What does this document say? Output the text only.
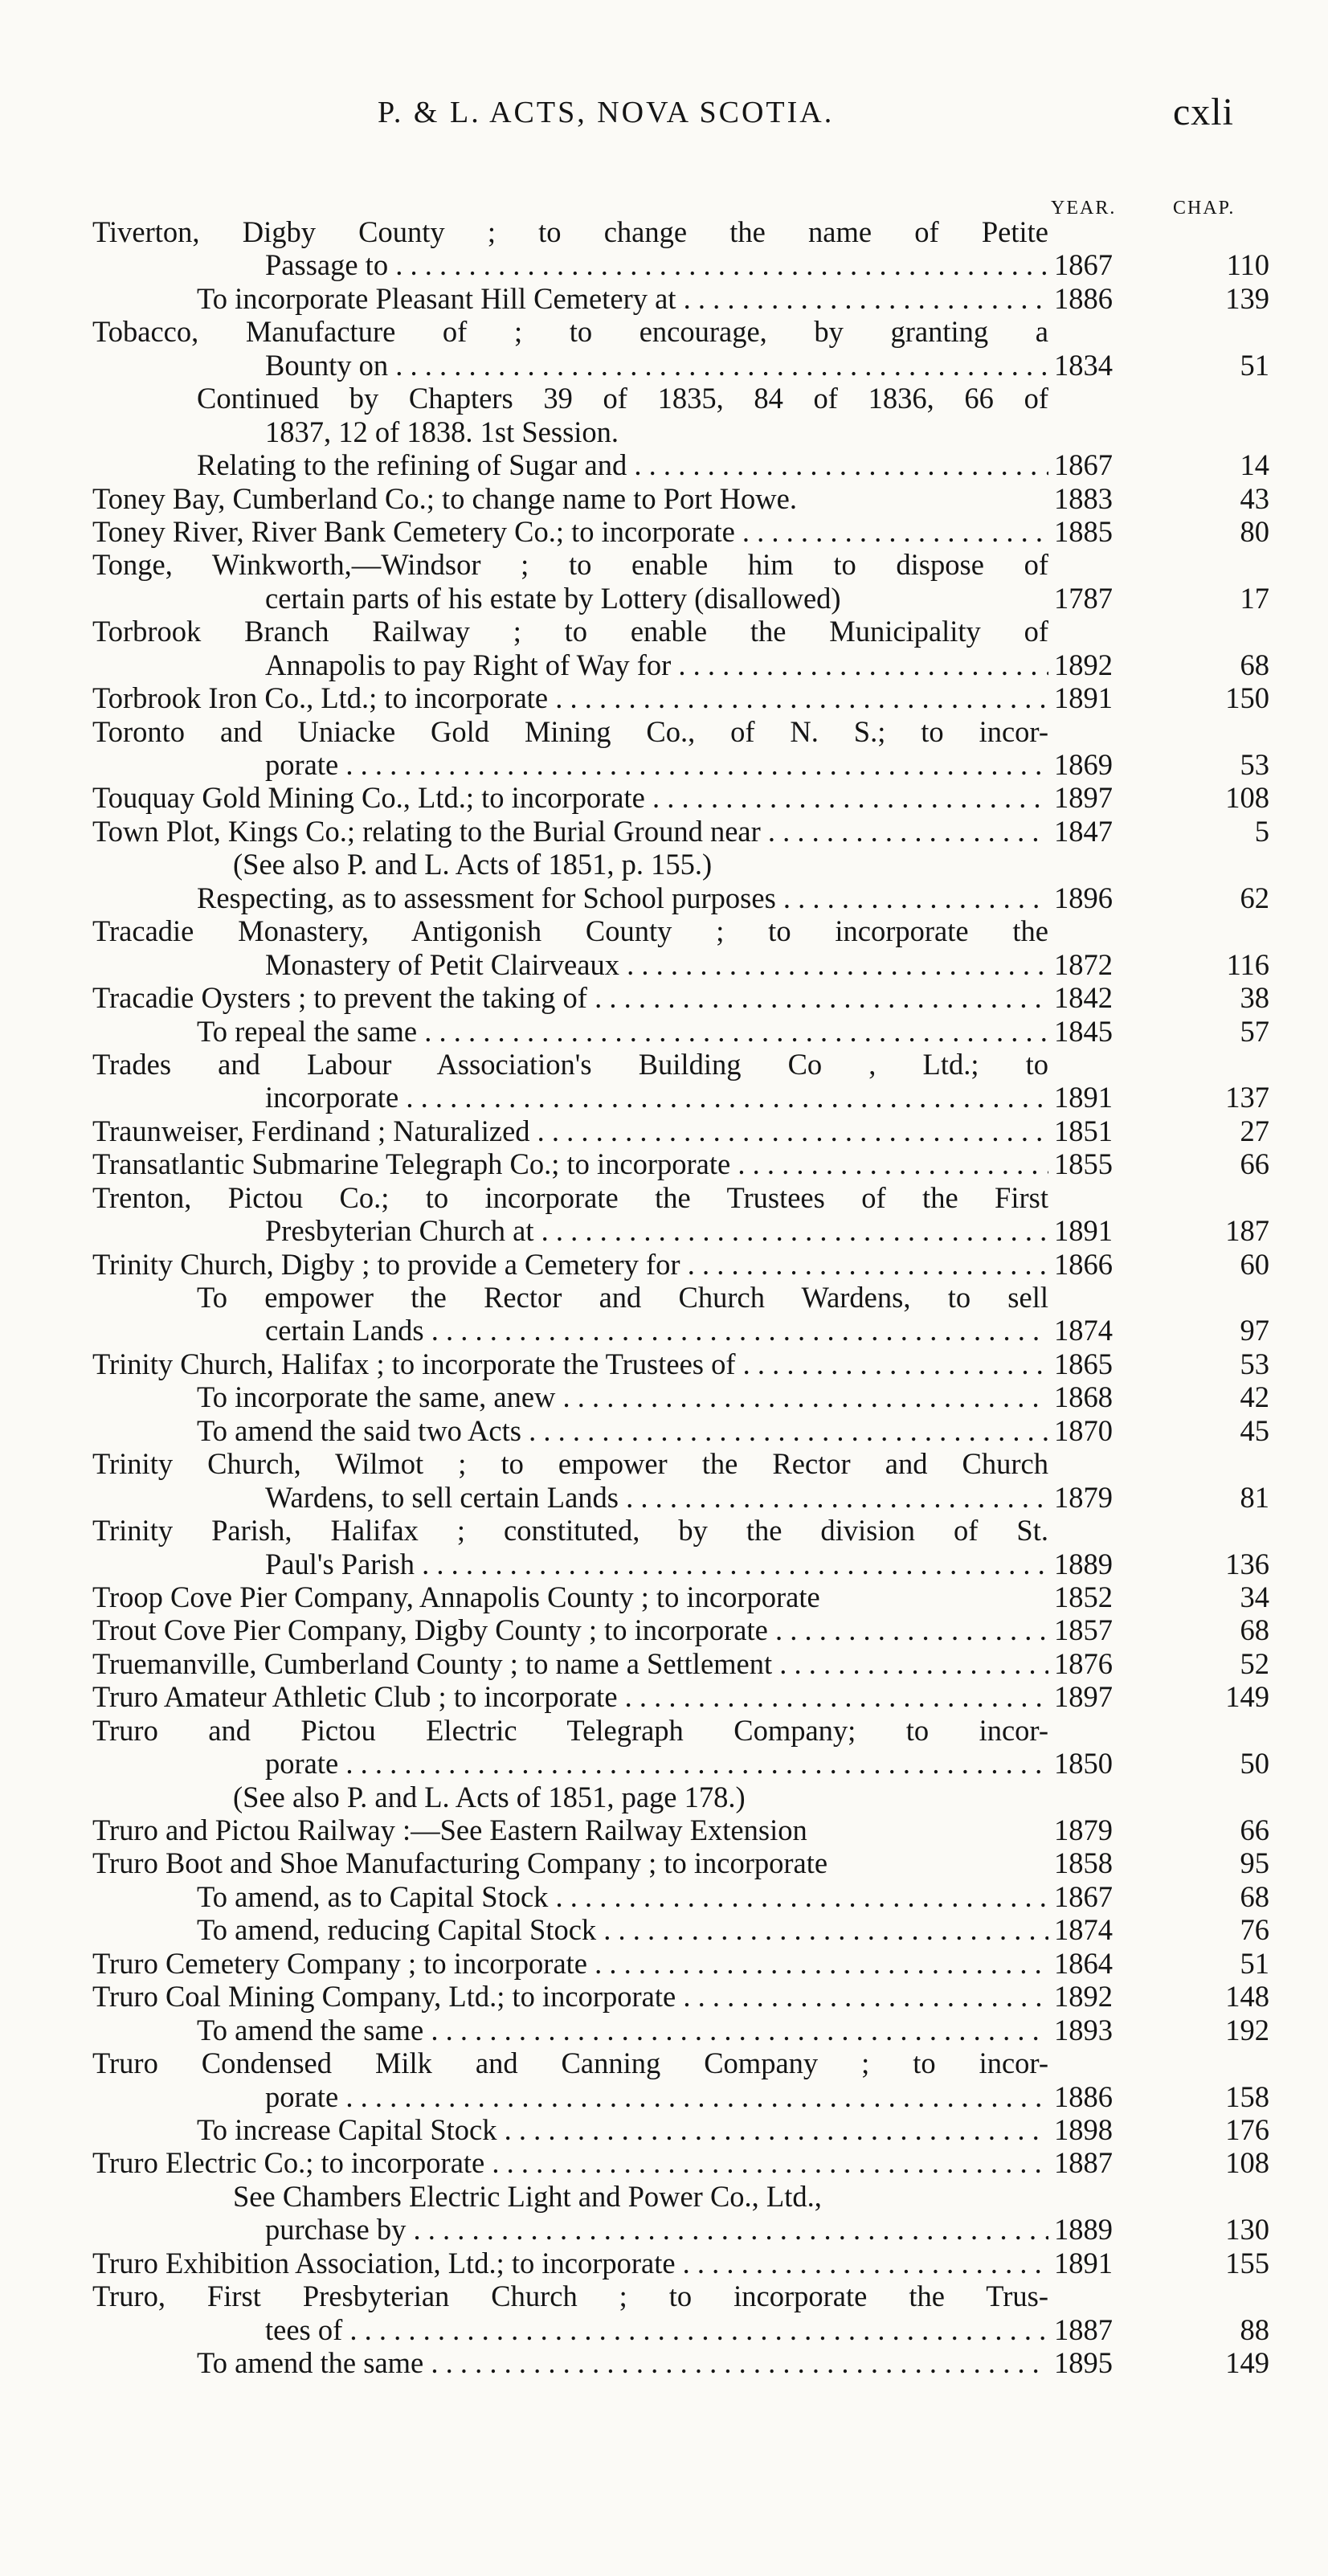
P. & L. ACTS, NOVA SCOTIA.	cxli
YEAR.	CHAP.
Tiverton, Digby County ; to change the name of Petite
Passage to . . .	1867	110
To incorporate Pleasant Hill Cemetery at . . .	1886	139
Tobacco, Manufacture of ; to encourage, by granting a
Bounty on . . .	1834	51
Continued by Chapters 39 of 1835, 84 of 1836, 66 of
1837, 12 of 1838. 1st Session.
Relating to the refining of Sugar and . . .	1867	14
Toney Bay, Cumberland Co.; to change name to Port Howe.	1883	43
Toney River, River Bank Cemetery Co.; to incorporate . . .	1885	80
Tonge, Winkworth,—Windsor ; to enable him to dispose of
certain parts of his estate by Lottery (disallowed)	1787	17
Torbrook Branch Railway ; to enable the Municipality of
Annapolis to pay Right of Way for . . .	1892	68
Torbrook Iron Co., Ltd.; to incorporate . . .	1891	150
Toronto and Uniacke Gold Mining Co., of N. S.; to incor-
porate . . .	1869	53
Touquay Gold Mining Co., Ltd.; to incorporate . . .	1897	108
Town Plot, Kings Co.; relating to the Burial Ground near . . .	1847	5
(See also P. and L. Acts of 1851, p. 155.)
Respecting, as to assessment for School purposes . . .	1896	62
Tracadie Monastery, Antigonish County ; to incorporate the
Monastery of Petit Clairveaux . . .	1872	116
Tracadie Oysters ; to prevent the taking of . . .	1842	38
To repeal the same . . .	1845	57
Trades and Labour Association's Building Co , Ltd.; to
incorporate . . .	1891	137
Traunweiser, Ferdinand ; Naturalized . . .	1851	27
Transatlantic Submarine Telegraph Co.; to incorporate . . .	1855	66
Trenton, Pictou Co.; to incorporate the Trustees of the First
Presbyterian Church at . . .	1891	187
Trinity Church, Digby ; to provide a Cemetery for . . .	1866	60
To empower the Rector and Church Wardens, to sell
certain Lands . . .	1874	97
Trinity Church, Halifax ; to incorporate the Trustees of . . .	1865	53
To incorporate the same, anew . . .	1868	42
To amend the said two Acts . . .	1870	45
Trinity Church, Wilmot ; to empower the Rector and Church
Wardens, to sell certain Lands . . .	1879	81
Trinity Parish, Halifax ; constituted, by the division of St.
Paul's Parish . . .	1889	136
Troop Cove Pier Company, Annapolis County ; to incorporate	1852	34
Trout Cove Pier Company, Digby County ; to incorporate . . .	1857	68
Truemanville, Cumberland County ; to name a Settlement . . .	1876	52
Truro Amateur Athletic Club ; to incorporate . . .	1897	149
Truro and Pictou Electric Telegraph Company; to incor-
porate . . .	1850	50
(See also P. and L. Acts of 1851, page 178.)
Truro and Pictou Railway :—See Eastern Railway Extension	1879	66
Truro Boot and Shoe Manufacturing Company ; to incorporate	1858	95
To amend, as to Capital Stock . . .	1867	68
To amend, reducing Capital Stock . . .	1874	76
Truro Cemetery Company ; to incorporate . . .	1864	51
Truro Coal Mining Company, Ltd.; to incorporate . . .	1892	148
To amend the same . . .	1893	192
Truro Condensed Milk and Canning Company ; to incor-
porate . . .	1886	158
To increase Capital Stock . . .	1898	176
Truro Electric Co.; to incorporate . . .	1887	108
See Chambers Electric Light and Power Co., Ltd.,
purchase by . . .	1889	130
Truro Exhibition Association, Ltd.; to incorporate . . .	1891	155
Truro, First Presbyterian Church ; to incorporate the Trus-
tees of . . .	1887	88
To amend the same . . .	1895	149
